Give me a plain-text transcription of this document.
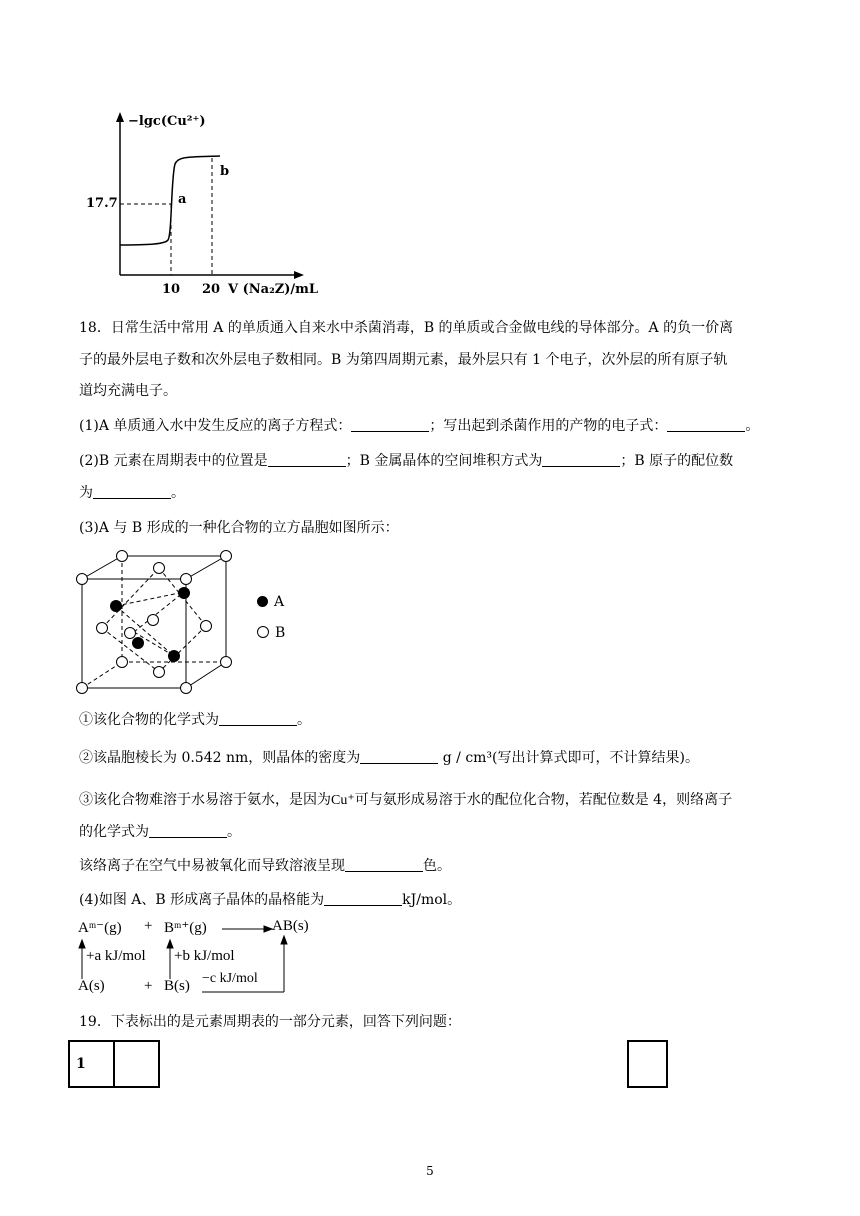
−lgc(Cu²⁺)
17.7	a
b
10 20 V (Na₂Z)/mL
18．日常生活中常用 A 的单质通入自来水中杀菌消毒，B 的单质或合金做电线的导体部分。A 的负一价离
子的最外层电子数和次外层电子数相同。B 为第四周期元素，最外层只有 1 个电子，次外层的所有原子轨
道均充满电子。
(1)A 单质通入水中发生反应的离子方程式：	；写出起到杀菌作用的产物的电子式：	。
(2)B 元素在周期表中的位置是	；B 金属晶体的空间堆积方式为	；B 原子的配位数
为	。
(3)A 与 B 形成的一种化合物的立方晶胞如图所示：
A
B
①该化合物的化学式为	。
②该晶胞棱长为 0.542 nm，则晶体的密度为	g / cm³(写出计算式即可，不计算结果)。
③该化合物难溶于水易溶于氨水，是因为Cu⁺可与氨形成易溶于水的配位化合物，若配位数是 4，则络离子
的化学式为	。
该络离子在空气中易被氧化而导致溶液呈现	色。
(4)如图 A、B 形成离子晶体的晶格能为	kJ/mol。
Aᵐ⁻(g) + Bᵐ⁺(g)	AB(s)
+a kJ/mol +b kJ/mol
A(s)	+ B(s) −c kJ/mol
19．下表标出的是元素周期表的一部分元素，回答下列问题：
1	
5
